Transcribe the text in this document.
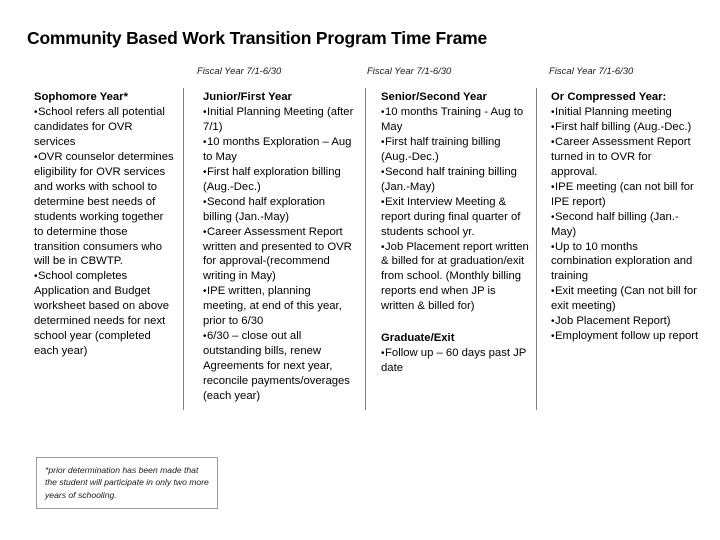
Community Based Work Transition Program Time Frame
Fiscal Year 7/1-6/30	Fiscal Year 7/1-6/30	Fiscal Year 7/1-6/30
Sophomore Year*
• School refers all potential candidates for OVR services
• OVR counselor determines eligibility for OVR services and works with school to determine best needs of students working together to determine those transition consumers who will be in CBWTP.
• School completes Application and Budget worksheet based on above determined needs for next school year (completed each year)
Junior/First Year
• Initial Planning Meeting (after 7/1)
• 10 months Exploration – Aug to May
• First half exploration billing (Aug.-Dec.)
• Second half exploration billing (Jan.-May)
• Career Assessment Report written and presented to OVR for approval-(recommend writing in May)
• IPE written, planning meeting, at end of this year, prior to 6/30
• 6/30 – close out all outstanding bills, renew Agreements for next year, reconcile payments/overages (each year)
Senior/Second Year
• 10 months Training - Aug to May
• First half training billing (Aug.-Dec.)
• Second half training billing (Jan.-May)
• Exit Interview Meeting & report during final quarter of students school yr.
• Job Placement report written & billed for at graduation/exit from school. (Monthly billing reports end when JP is written & billed for)
Graduate/Exit
• Follow up – 60 days past JP date
Or Compressed Year:
• Initial Planning meeting
• First half billing (Aug.-Dec.)
• Career Assessment Report turned in to OVR for approval.
• IPE meeting (can not bill for IPE report)
• Second half billing (Jan.-May)
• Up to 10 months combination exploration and training
• Exit meeting (Can not bill for exit meeting)
• Job Placement Report)
• Employment follow up report

*prior determination has been made that the student will participate in only two more years of schooling.
